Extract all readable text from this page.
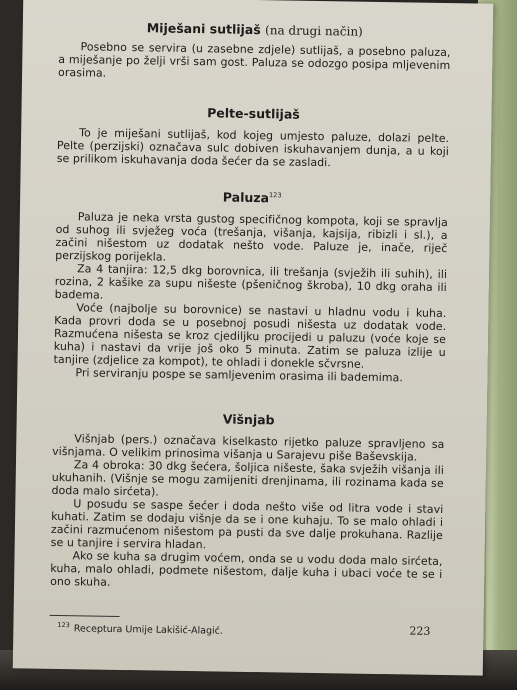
Miješani sutlijaš (na drugi način)

Posebno se servira (u zasebne zdjele) sutlijaš, a posebno paluza, a miješanje po želji vrši sam gost. Paluza se odozgo posipa mljevenim orasima.

Pelte-sutlijaš

To je miješani sutlijaš, kod kojeg umjesto paluze, dolazi pelte. Pelte (perzijski) označava sulc dobiven iskuhavanjem dunja, a u koji se prilikom iskuhavanja doda šećer da se zasladi.

Paluza$^{123}$

Paluza je neka vrsta gustog specifičnog kompota, koji se spravlja od suhog ili svježeg voća (trešanja, višanja, kajsija, ribizli i sl.), a začini nišestom uz dodatak nešto vode. Paluze je, inače, riječ perzijskog porijekla.

Za 4 tanjira: 12,5 dkg borovnica, ili trešanja (svježih ili suhih), ili rozina, 2 kašike za supu nišeste (pšeničnog škroba), 10 dkg oraha ili badema.

Voće (najbolje su borovnice) se nastavi u hladnu vodu i kuha. Kada provri doda se u posebnoj posudi nišesta uz dodatak vode. Razmućena nišesta se kroz cjediljku procijedi u paluzu (voće koje se kuha) i nastavi da vrije još oko 5 minuta. Zatim se paluza izlije u tanjire (zdjelice za kompot), te ohladi i donekle sčvrsne.

Pri serviranju pospe se samljevenim orasima ili bademima.

Višnjab

Višnjab (pers.) označava kiselkasto rijetko paluze spravljeno sa višnjama. O velikim prinosima višanja u Sarajevu piše Baševskija.

Za 4 obroka: 30 dkg šećera, šoljica nišeste, šaka svježih višanja ili ukuhanih. (Višnje se mogu zamijeniti drenjinama, ili rozinama kada se doda malo sirćeta).

U posudu se saspe šećer i doda nešto više od litra vode i stavi kuhati. Zatim se dodaju višnje da se i one kuhaju. To se malo ohladi i začini razmućenom nišestom pa pusti da sve dalje prokuhana. Razlije se u tanjire i servira hladan.

Ako se kuha sa drugim voćem, onda se u vodu doda malo sirćeta, kuha, malo ohladi, podmete nišestom, dalje kuha i ubaci voće te se i ono skuha.

$^{123}$ Receptura Umije Lakišić-Alagić.	223
